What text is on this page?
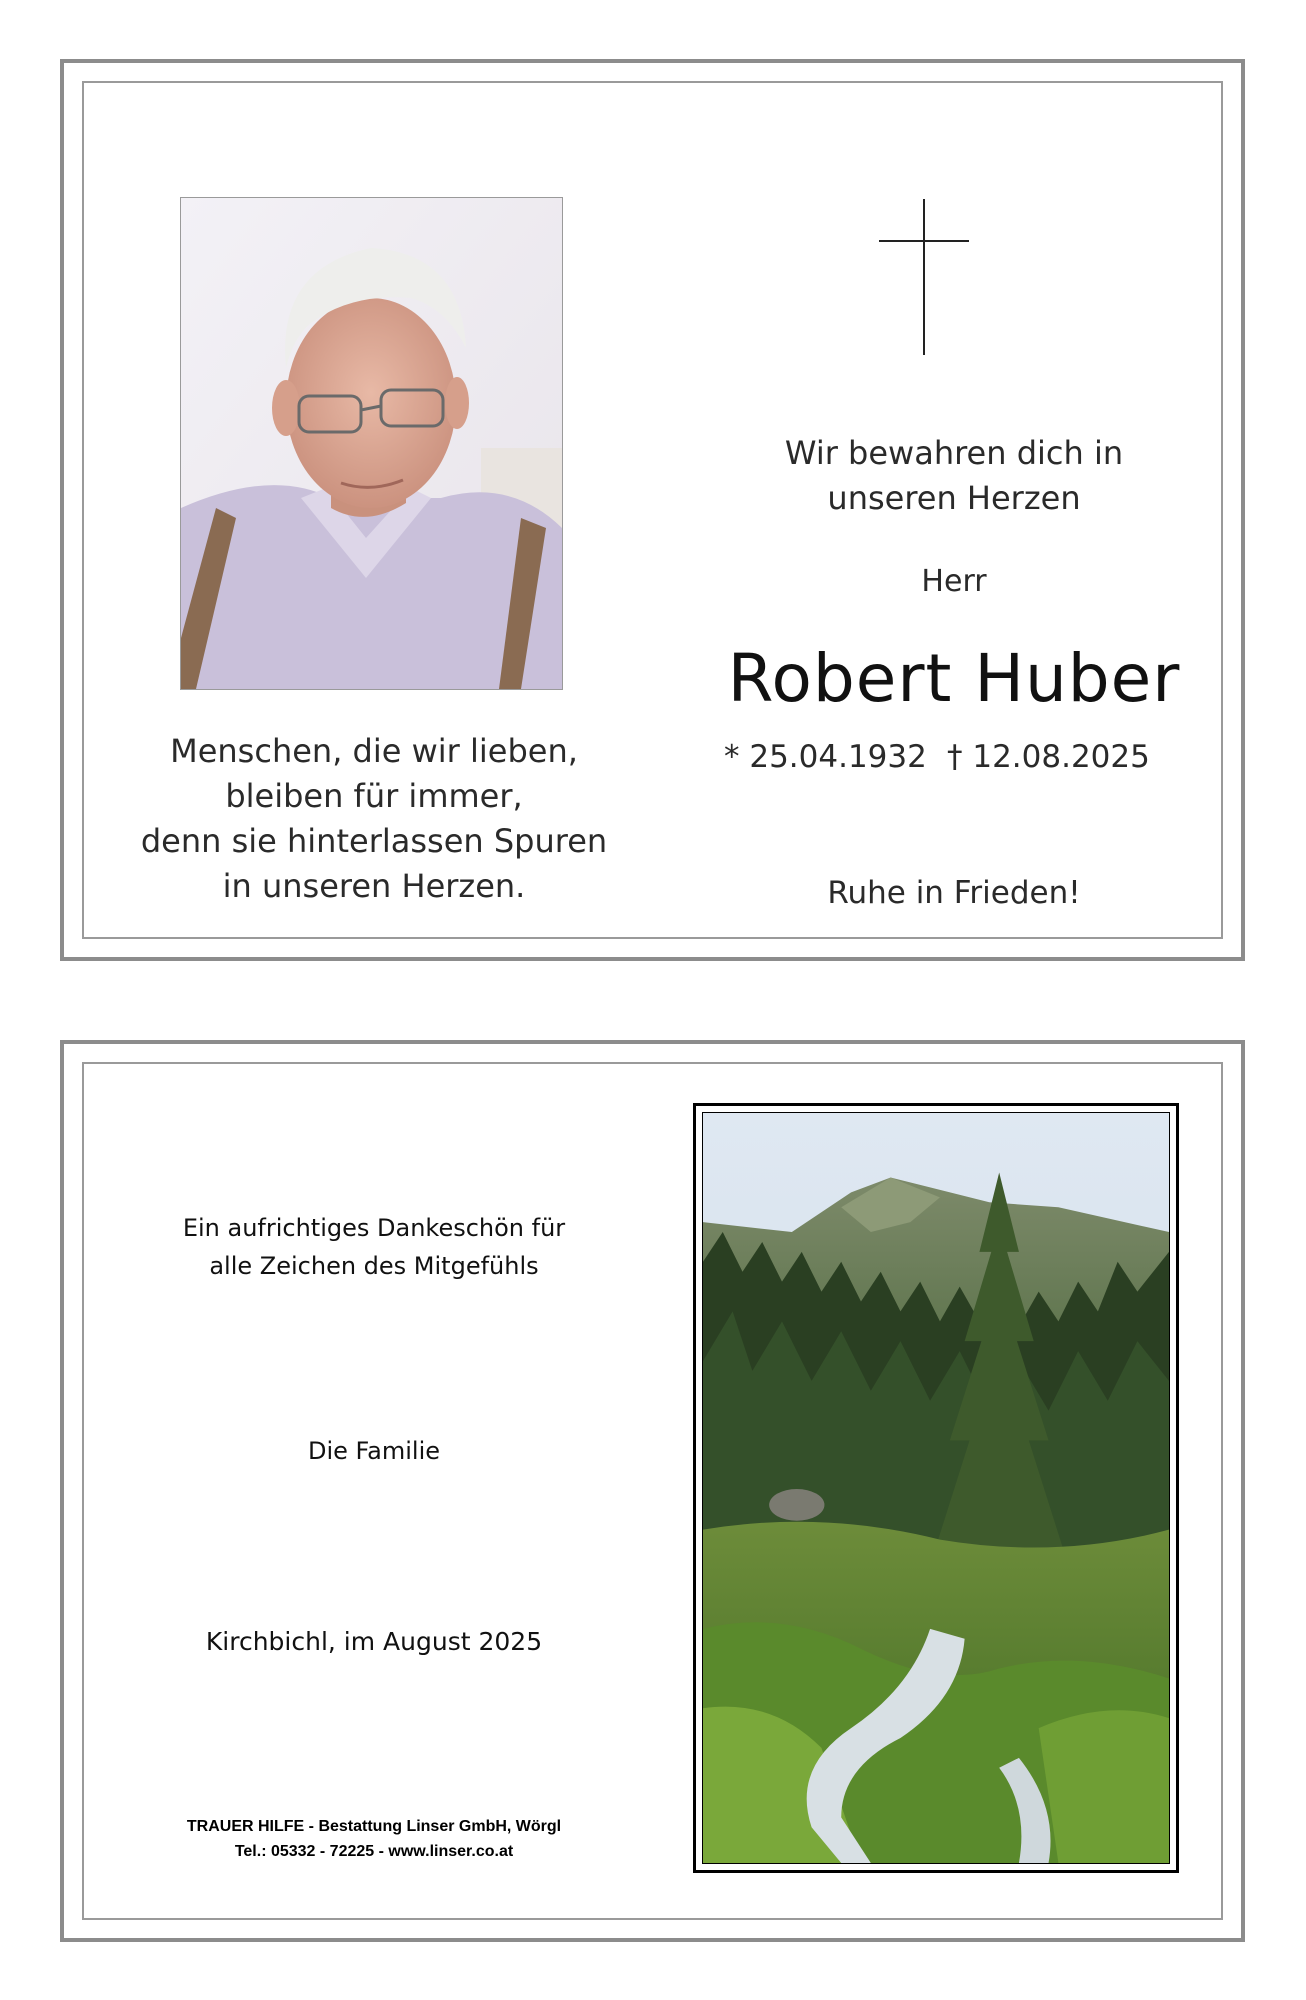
Menschen, die wir lieben,
bleiben für immer,
denn sie hinterlassen Spuren
in unseren Herzen.
Wir bewahren dich in
unseren Herzen
Herr
Robert Huber
* 25.04.1932 † 12.08.2025
Ruhe in Frieden!
Ein aufrichtiges Dankeschön für
alle Zeichen des Mitgefühls
Die Familie
Kirchbichl, im August 2025
TRAUER HILFE - Bestattung Linser GmbH, Wörgl
Tel.: 05332 - 72225 - www.linser.co.at
